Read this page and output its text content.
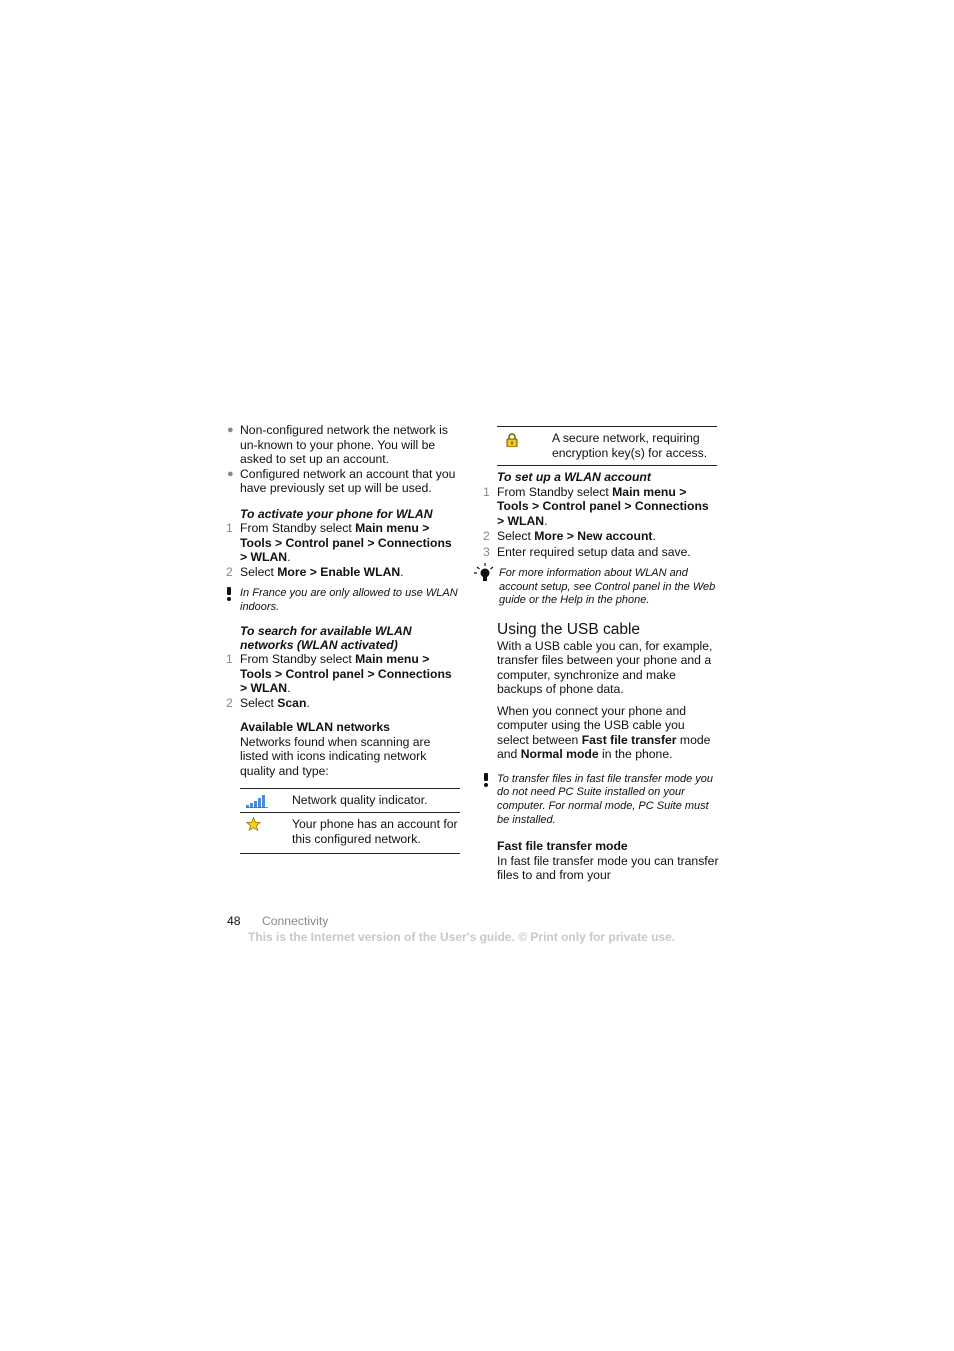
● Non-configured network the network is un-known to your phone. You will be asked to set up an account.
● Configured network an account that you have previously set up will be used.
To activate your phone for WLAN
1 From Standby select Main menu > Tools > Control panel > Connections > WLAN.
2 Select More > Enable WLAN.
In France you are only allowed to use WLAN indoors.
To search for available WLAN networks (WLAN activated)
1 From Standby select Main menu > Tools > Control panel > Connections > WLAN.
2 Select Scan.
Available WLAN networks
Networks found when scanning are listed with icons indicating network quality and type:
	Network quality indicator.
	Your phone has an account for this configured network.
	A secure network, requiring encryption key(s) for access.
To set up a WLAN account
1 From Standby select Main menu > Tools > Control panel > Connections > WLAN.
2 Select More > New account.
3 Enter required setup data and save.
For more information about WLAN and account setup, see Control panel in the Web guide or the Help in the phone.
Using the USB cable
With a USB cable you can, for example, transfer files between your phone and a computer, synchronize and make backups of phone data.
When you connect your phone and computer using the USB cable you select between Fast file transfer mode and Normal mode in the phone.
To transfer files in fast file transfer mode you do not need PC Suite installed on your computer. For normal mode, PC Suite must be installed.
Fast file transfer mode
In fast file transfer mode you can transfer files to and from your
48 Connectivity
This is the Internet version of the User's guide. © Print only for private use.
